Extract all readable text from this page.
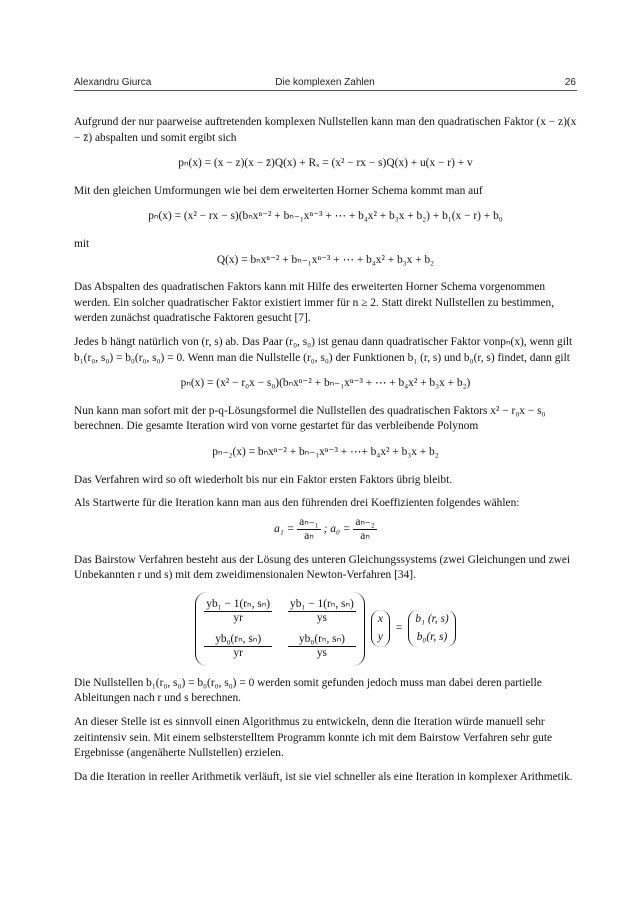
Alexandru Giurca	Die komplexen Zahlen	26

Aufgrund der nur paarweise auftretenden komplexen Nullstellen kann man den quadratischen Faktor (x − z)(x − z̄) abspalten und somit ergibt sich

pₙ(x) = (x − z)(x − z̄)Q(x) + Rₓ = (x² − rx − s)Q(x) + u(x − r) + v

Mit den gleichen Umformungen wie bei dem erweiterten Horner Schema kommt man auf

pₙ(x) = (x² − rx − s)(bₙxⁿ⁻² + bₙ₋₁xⁿ⁻³ + ⋯ + b₄x² + b₃x + b₂) + b₁(x − r) + b₀

mit

Q(x) = bₙxⁿ⁻² + bₙ₋₁xⁿ⁻³ + ⋯ + b₄x² + b₃x + b₂

Das Abspalten des quadratischen Faktors kann mit Hilfe des erweiterten Horner Schema vorgenommen werden. Ein solcher quadratischer Faktor existiert immer für n ≥ 2. Statt direkt Nullstellen zu bestimmen, werden zunächst quadratische Faktoren gesucht [7].

Jedes b hängt natürlich von (r, s) ab. Das Paar (r₀, s₀) ist genau dann quadratischer Faktor vonpₙ(x), wenn gilt b₁(r₀, s₀) = b₀(r₀, s₀) = 0. Wenn man die Nullstelle (r₀, s₀) der Funktionen b₁ (r, s) und b₀(r, s) findet, dann gilt

pₙ(x) = (x² − r₀x − s₀)(bₙxⁿ⁻² + bₙ₋₁xⁿ⁻³ + ⋯ + b₄x² + b₃x + b₂)

Nun kann man sofort mit der p-q-Lösungsformel die Nullstellen des quadratischen Faktors x² − r₀x − s₀ berechnen. Die gesamte Iteration wird von vorne gestartet für das verbleibende Polynom

pₙ₋₂(x) = bₙxⁿ⁻² + bₙ₋₁xⁿ⁻³ + ⋯+ b₄x² + b₃x + b₂

Das Verfahren wird so oft wiederholt bis nur ein Faktor ersten Faktors übrig bleibt.

Als Startwerte für die Iteration kann man aus den führenden drei Koeffizienten folgendes wählen:

$a_1 = \frac{\text{aₙ₋₁}}{\text{aₙ}}$ ; $a_0 = \frac{\text{aₙ₋₂}}{\text{aₙ}}$

Das Bairstow Verfahren besteht aus der Lösung des unteren Gleichungssystems (zwei Gleichungen und zwei Unbekannten r und s) mit dem zweidimensionalen Newton-Verfahren [34].

$\frac{\text{yb₁ − 1(rₙ, sₙ)}}{yr} \frac{\text{yb₁ − 1(rₙ, sₙ)}}{ys}$
$\frac{\text{yb₀(rₙ, sₙ)}}{yr} \frac{\text{yb₀(rₙ, sₙ)}}{ys}$
x
y
=
b₁ (r, s)
b₀(r, s)

Die Nullstellen b₁(r₀, s₀) = b₀(r₀, s₀) = 0 werden somit gefunden jedoch muss man dabei deren partielle Ableitungen nach r und s berechnen.

An dieser Stelle ist es sinnvoll einen Algorithmus zu entwickeln, denn die Iteration würde manuell sehr zeitintensiv sein. Mit einem selbsterstelltem Programm konnte ich mit dem Bairstow Verfahren sehr gute Ergebnisse (angenäherte Nullstellen) erzielen.

Da die Iteration in reeller Arithmetik verläuft, ist sie viel schneller als eine Iteration in komplexer Arithmetik.
